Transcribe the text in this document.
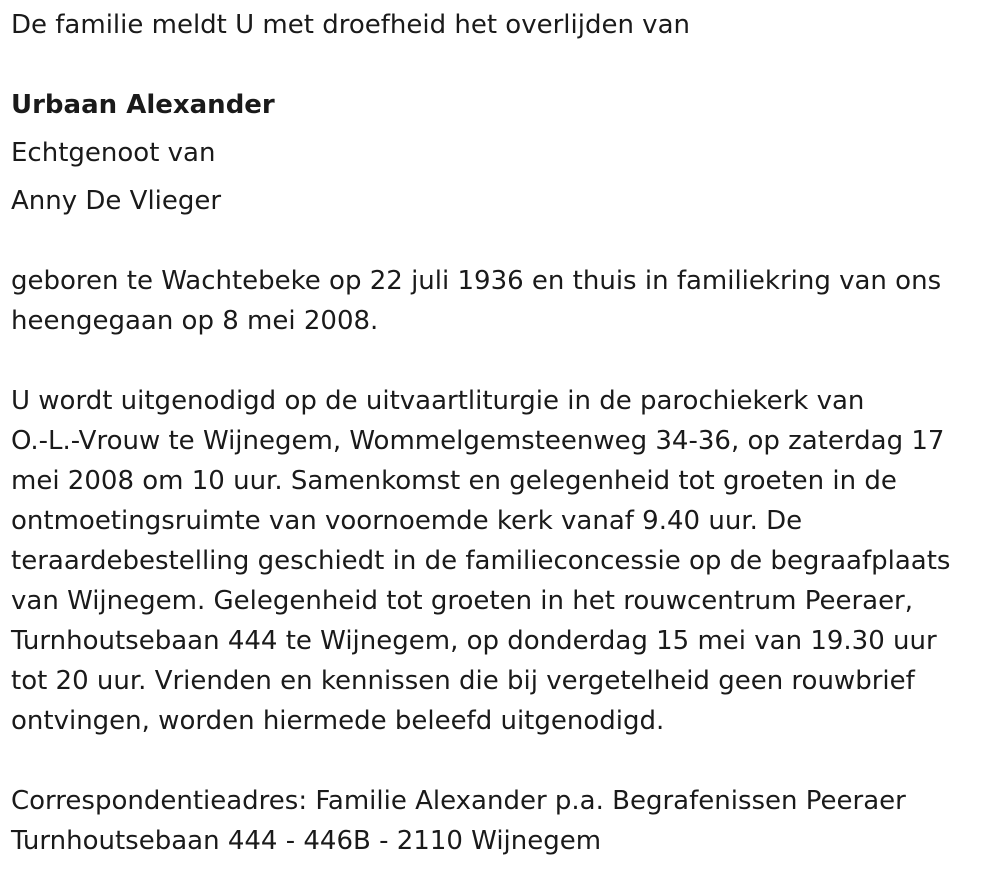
De familie meldt U met droefheid het overlijden van
Urbaan Alexander
Echtgenoot van
Anny De Vlieger
geboren te Wachtebeke op 22 juli 1936 en thuis in familiekring van ons
heengegaan op 8 mei 2008.
U wordt uitgenodigd op de uitvaartliturgie in de parochiekerk van
O.-L.-Vrouw te Wijnegem, Wommelgemsteenweg 34-36, op zaterdag 17
mei 2008 om 10 uur. Samenkomst en gelegenheid tot groeten in de
ontmoetingsruimte van voornoemde kerk vanaf 9.40 uur. De
teraardebestelling geschiedt in de familieconcessie op de begraafplaats
van Wijnegem. Gelegenheid tot groeten in het rouwcentrum Peeraer,
Turnhoutsebaan 444 te Wijnegem, op donderdag 15 mei van 19.30 uur
tot 20 uur. Vrienden en kennissen die bij vergetelheid geen rouwbrief
ontvingen, worden hiermede beleefd uitgenodigd.
Correspondentieadres: Familie Alexander p.a. Begrafenissen Peeraer
Turnhoutsebaan 444 - 446B - 2110 Wijnegem
